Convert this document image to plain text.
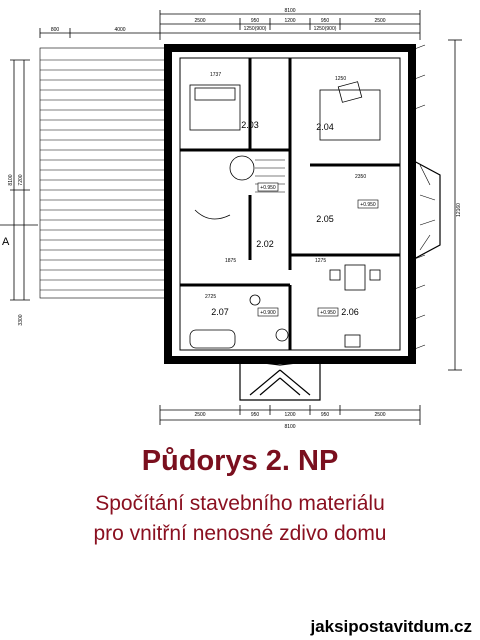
8100
2500	950	1200	950	2500
1250(900)	1250(900)
4000
800
8100
2500	950	1200	950	2500
8100 7200
3300
12160
1737
1250
2725
1875
2350
1275
+0.950
+0.950
+0.900	+0.950
2.03	2.04
2.05
2.02
2.07	2.06
A
Půdorys 2. NP
Spočítání stavebního materiálu
pro vnitřní nenosné zdivo domu
jaksipostavitdum.cz
